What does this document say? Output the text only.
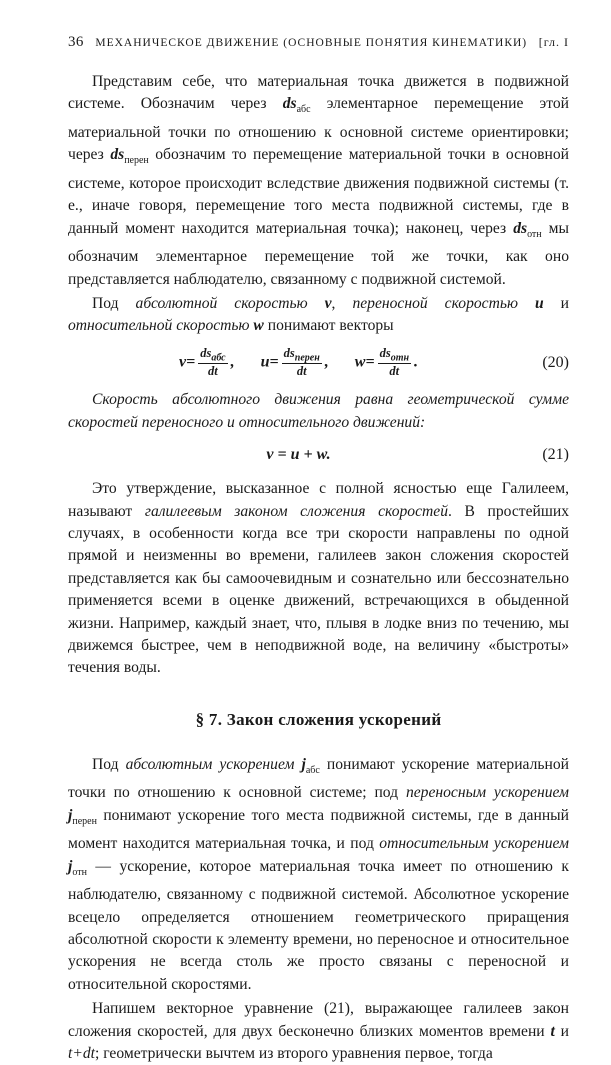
36 МЕХАНИЧЕСКОЕ ДВИЖЕНИЕ (ОСНОВНЫЕ ПОНЯТИЯ КИНЕМАТИКИ) [гл. I

Представим себе, что материальная точка движется в подвижной системе. Обозначим через $ds_{абс}$ элементарное перемещение этой материальной точки по отношению к основной системе ориентировки; через $ds_{перен}$ обозначим то перемещение материальной точки в основной системе, которое происходит вследствие движения подвижной системы (т. е., иначе говоря, перемещение того места подвижной системы, где в данный момент находится материальная точка); наконец, через $ds_{отн}$ мы обозначим элементарное перемещение той же точки, как оно представляется наблюдателю, связанному с подвижной системой.

Под абсолютной скоростью v, переносной скоростью u и относительной скоростью w понимают векторы

$v= \frac{ds_{абс}}{dt}$ , $u= \frac{ds_{перен}}{dt}$ , $w= \frac{ds_{отн}}{dt}$ .	(20)

Скорость абсолютного движения равна геометрической сумме скоростей переносного и относительного движений:

v = u + w.	(21)

Это утверждение, высказанное с полной ясностью еще Галилеем, называют галилеевым законом сложения скоростей. В простейших случаях, в особенности когда все три скорости направлены по одной прямой и неизменны во времени, галилеев закон сложения скоростей представляется как бы самоочевидным и сознательно или бессознательно применяется всеми в оценке движений, встречающихся в обыденной жизни. Например, каждый знает, что, плывя в лодке вниз по течению, мы движемся быстрее, чем в неподвижной воде, на величину «быстроты» течения воды.

§ 7. Закон сложения ускорений

Под абсолютным ускорением $j_{абс}$ понимают ускорение материальной точки по отношению к основной системе; под переносным ускорением $j_{перен}$ понимают ускорение того места подвижной системы, где в данный момент находится материальная точка, и под относительным ускорением $j_{отн}$ — ускорение, которое материальная точка имеет по отношению к наблюдателю, связанному с подвижной системой. Абсолютное ускорение всецело определяется отношением геометрического приращения абсолютной скорости к элементу времени, но переносное и относительное ускорения не всегда столь же просто связаны с переносной и относительной скоростями.

Напишем векторное уравнение (21), выражающее галилеев закон сложения скоростей, для двух бесконечно близких моментов времени t и t+dt; геометрически вычтем из второго уравнения первое, тогда
